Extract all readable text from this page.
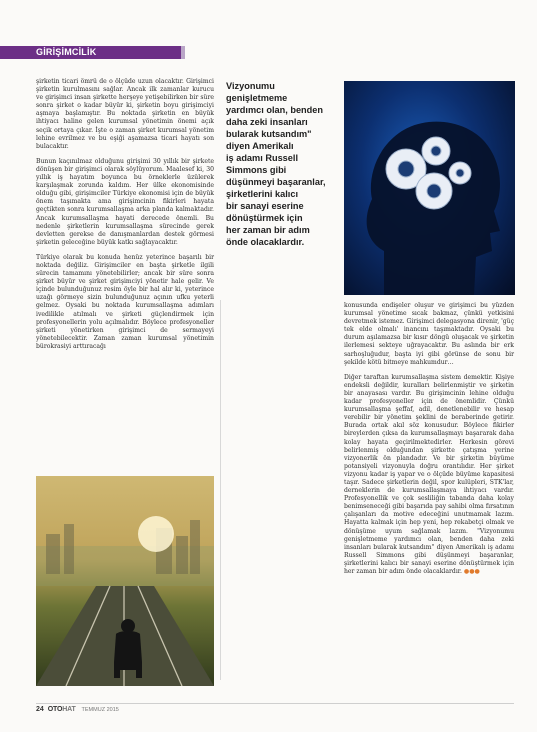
GİRİŞİMCİLİK

şirketin ticari ömrü de o ölçüde uzun olacaktır. Girişimci şirketin kurulmasını sağlar. Ancak ilk zamanlar kurucu ve girişimci insan şirkette herşeye yetişebilirken bir süre sonra şirket o kadar büyür ki, şirketin boyu girişimciyi aşmaya başlamıştır. Bu noktada şirketin en büyük ihtiyacı haline gelen kurumsal yönetimin önemi açık seçik ortaya çıkar. İşte o zaman şirket kurumsal yönetim lehine evrilmez ve bu eşiği aşamazsa ticari hayatı son bulacaktır.

Bunun kaçınılmaz olduğunu girişimi 30 yıllık bir şirkete dönüşen bir girişimci olarak söylüyorum. Maalesef ki, 30 yıllık iş hayatım boyunca bu örneklerle üzülerek karşılaşmak zorunda kaldım. Her ülke ekonomisinde olduğu gibi, girişimciler Türkiye ekonomisi için de büyük önem taşımakta ama girişimcinin fikirleri hayata geçtikten sonra kurumsallaşma arka planda kalmaktadır. Ancak kurumsallaşma hayati derecede önemli. Bu nedenle şirketlerin kurumsallaşma sürecinde gerek devletten gerekse de danışmanlardan destek görmesi şirketin geleceğine büyük katkı sağlayacaktır.

Türkiye olarak bu konuda henüz yeterince başarılı bir noktada değiliz. Girişimciler en başta şirketle ilgili sürecin tamamını yönetebilirler; ancak bir süre sonra şirket büyür ve şirket girişimciyi yönetir hale gelir. Ve içinde bulunduğunuz resim öyle bir hal alır ki, yeterince uzağı görmeye sizin bulunduğunuz açının ufku yeterli gelmez. Oysaki bu noktada kurumsallaşma adımları ivedilikle atılmalı ve şirketi güçlendirmek için profesyonellerin yolu açılmalıdır. Böylece profesyoneller şirketi yönetirken girişimci de sermayeyi yönetebilecektir. Zaman zaman kurumsal yönetimin bürokrasiyi arttıracağı

Vizyonumu
genişletmeme
yardımcı olan, benden
daha zeki insanları
bularak kutsandım"
diyen Amerikalı
iş adamı Russell
Simmons gibi
düşünmeyi başaranlar,
şirketlerini kalıcı
bir sanayi eserine
dönüştürmek için
her zaman bir adım
önde olacaklardır.

konusunda endişeler oluşur ve girişimci bu yüzden kurumsal yönetime sıcak bakmaz, çünkü yetkisini devretmek istemez. Girişimci delegasyona direnir, 'güç tek elde olmalı' inancını taşımaktadır. Oysaki bu durum aşılamazsa bir kısır döngü oluşacak ve şirketin ilerlemesi sekteye uğrayacaktır. Bu aslında bir erk sarhoşluğudur, başta iyi gibi görünse de sonu bir şekilde kötü bitmeye mahkumdur…

Diğer taraftan kurumsallaşma sistem demektir. Kişiye endeksli değildir, kuralları belirlenmiştir ve şirketin bir anayasası vardır. Bu girişimcinin lehine olduğu kadar profesyoneller için de önemlidir. Çünkü kurumsallaşma şeffaf, adil, denetlenebilir ve hesap verebilir bir yönetim şeklini de beraberinde getirir. Burada ortak akıl söz konusudur. Böylece fikirler bireylerden çıksa da kurumsallaşmayı başararak daha kolay hayata geçirilmektedirler. Herkesin görevi belirlenmiş olduğundan şirkette çatışma yerine vizyonerlik ön plandadır. Ve bir şirketin büyüme potansiyeli vizyonuyla doğru orantılıdır. Her şirket vizyonu kadar iş yapar ve o ölçüde büyüme kapasitesi taşır. Sadece şirketlerin değil, spor kulüpleri, STK'lar, derneklerin de kurumsallaşmaya ihtiyacı vardır. Profesyonellik ve çok sesliliğin tabanda daha kolay benimseneceği gibi başarıda pay sahibi olma fırsatının çalışanları da motive edeceğini unutmamak lazım. Hayatta kalmak için hep yeni, hep rekabetçi olmak ve dönüşüme uyum sağlamak lazım. "Vizyonumu genişletmeme yardımcı olan, benden daha zeki insanları bularak kutsandım" diyen Amerikalı iş adamı Russell Simmons gibi düşünmeyi başaranlar, şirketlerini kalıcı bir sanayi eserine dönüştürmek için her zaman bir adım önde olacaklardır. ●●●

24 OTOHAT TEMMUZ 2015
